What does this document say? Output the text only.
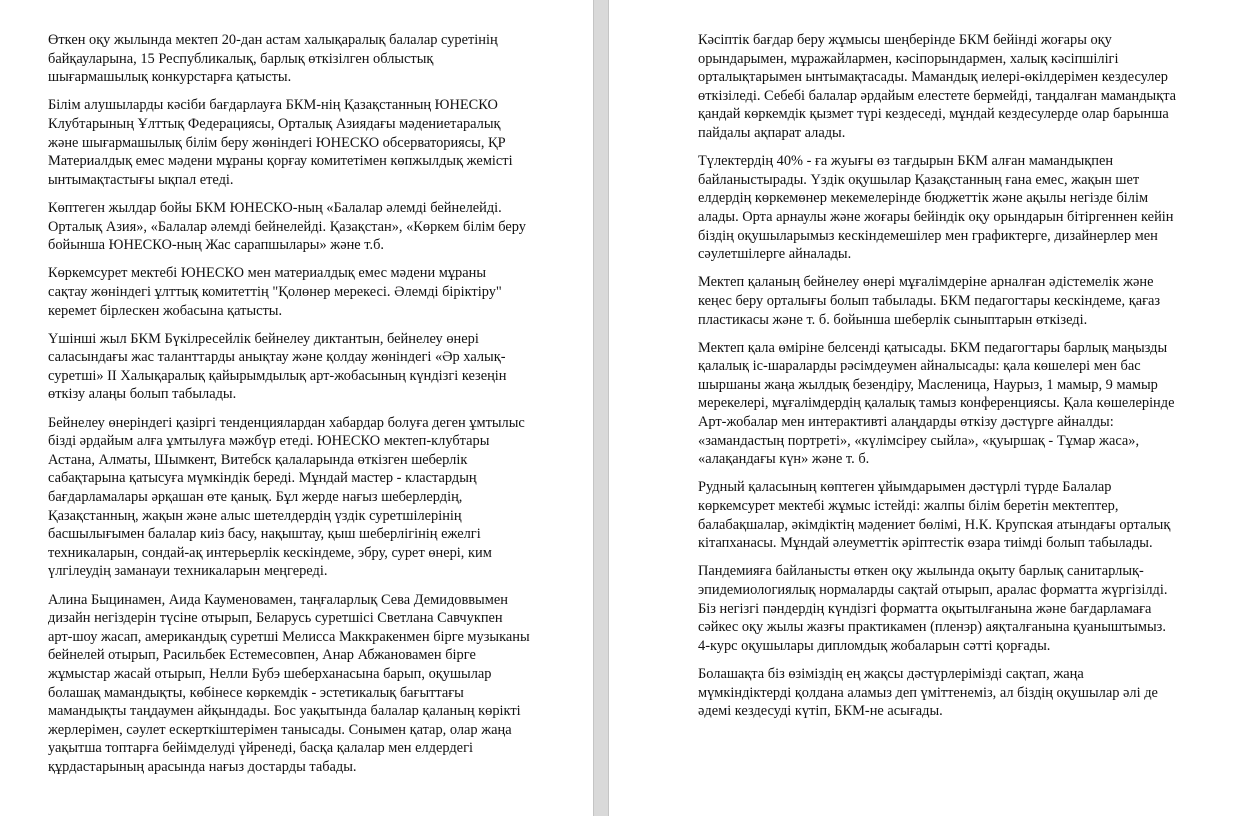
Өткен оқу жылында мектеп 20-дан астам халықаралық балалар суретінің
байқауларына, 15 Республикалық, барлық өткізілген облыстық
шығармашылық конкурстарға қатысты.

Білім алушыларды кәсіби бағдарлауға БКМ-нің Қазақстанның ЮНЕСКО
Клубтарының Ұлттық Федерациясы, Орталық Азиядағы мәдениетаралық
және шығармашылық білім беру жөніндегі ЮНЕСКО обсерваториясы, ҚР
Материалдық емес мәдени мұраны қорғау комитетімен көпжылдық жемісті
ынтымақтастығы ықпал етеді.

Көптеген жылдар бойы БКМ ЮНЕСКО-ның «Балалар әлемді бейнелейді.
Орталық Азия», «Балалар әлемді бейнелейді. Қазақстан», «Көркем білім беру
бойынша ЮНЕСКО-ның Жас сарапшылары» және т.б.

Көркемсурет мектебі ЮНЕСКО мен материалдық емес мәдени мұраны
сақтау жөніндегі ұлттық комитеттің "Қолөнер мерекесі. Әлемді біріктіру"
керемет бірлескен жобасына қатысты.

Үшінші жыл БКМ Бүкілресейлік бейнелеу диктантын, бейнелеу өнері
саласындағы жас таланттарды анықтау және қолдау жөніндегі «Әр халық-
суретші» II Халықаралық қайырымдылық арт-жобасының күндізгі кезеңін
өткізу алаңы болып табылады.

Бейнелеу өнеріндегі қазіргі тенденциялардан хабардар болуға деген ұмтылыс
бізді әрдайым алға ұмтылуға мәжбүр етеді. ЮНЕСКО мектеп-клубтары
Астана, Алматы, Шымкент, Витебск қалаларында өткізген шеберлік
сабақтарына қатысуға мүмкіндік береді. Мұндай мастер - кластардың
бағдарламалары әрқашан өте қанық. Бұл жерде нағыз шеберлердің,
Қазақстанның, жақын және алыс шетелдердің үздік суретшілерінің
басшылығымен балалар киіз басу, нақыштау, қыш шеберлігінің ежелгі
техникаларын, сондай-ақ интерьерлік кескіндеме, эбру, сурет өнері, ким
үлгілеудің заманауи техникаларын меңгереді.

Алина Быцинамен, Аида Кауменовамен, таңғаларлық Сева Демидоввымен
дизайн негіздерін түсіне отырып, Беларусь суретшісі Светлана Савчукпен
арт-шоу жасап, американдық суретші Мелисса Маккракенмен бірге музыканы
бейнелей отырып, Расильбек Естемесовпен, Анар Абжановамен бірге
жұмыстар жасай отырып, Нелли Бубэ шеберханасына барып, оқушылар
болашақ мамандықты, көбінесе көркемдік - эстетикалық бағыттағы
мамандықты таңдаумен айқындады. Бос уақытында балалар қаланың көрікті
жерлерімен, сәулет ескерткіштерімен танысады. Сонымен қатар, олар жаңа
уақытша топтарға бейімделуді үйренеді, басқа қалалар мен елдердегі
құрдастарының арасында нағыз достарды табады.

Кәсіптік бағдар беру жұмысы шеңберінде БКМ бейінді жоғары оқу
орындарымен, мұражайлармен, кәсіпорындармен, халық кәсіпшілігі
орталықтарымен ынтымақтасады. Мамандық иелері-өкілдерімен кездесулер
өткізіледі. Себебі балалар әрдайым елестете бермейді, таңдалған мамандықта
қандай көркемдік қызмет түрі кездеседі, мұндай кездесулерде олар барынша
пайдалы ақпарат алады.

Түлектердің 40% - ға жуығы өз тағдырын БКМ алған мамандықпен
байланыстырады. Үздік оқушылар Қазақстанның ғана емес, жақын шет
елдердің көркемөнер мекемелерінде бюджеттік және ақылы негізде білім
алады. Орта арнаулы және жоғары бейіндік оқу орындарын бітіргеннен кейін
біздің оқушыларымыз кескіндемешілер мен графиктерге, дизайнерлер мен
сәулетшілерге айналады.

Мектеп қаланың бейнелеу өнері мұғалімдеріне арналған әдістемелік және
кеңес беру орталығы болып табылады. БКМ педагогтары кескіндеме, қағаз
пластикасы және т. б. бойынша шеберлік сыныптарын өткізеді.

Мектеп қала өміріне белсенді қатысады. БКМ педагогтары барлық маңызды
қалалық іс-шараларды рәсімдеумен айналысады: қала көшелері мен бас
шыршаны жаңа жылдық безендіру, Масленица, Наурыз, 1 мамыр, 9 мамыр
мерекелері, мұғалімдердің қалалық тамыз конференциясы. Қала көшелерінде
Арт-жобалар мен интерактивті алаңдарды өткізу дәстүрге айналды:
«замандастың портреті», «күлімсіреу сыйла», «қуыршақ - Тұмар жаса»,
«алақандағы күн» және т. б.

Рудный қаласының көптеген ұйымдарымен дәстүрлі түрде Балалар
көркемсурет мектебі жұмыс істейді: жалпы білім беретін мектептер,
балабақшалар, әкімдіктің мәдениет бөлімі, Н.К. Крупская атындағы орталық
кітапханасы. Мұндай әлеуметтік әріптестік өзара тиімді болып табылады.

Пандемияға байланысты өткен оқу жылында оқыту барлық санитарлық-
эпидемиологиялық нормаларды сақтай отырып, аралас форматта жүргізілді.
Біз негізгі пәндердің күндізгі форматта оқытылғанына және бағдарламаға
сәйкес оқу жылы жазғы практикамен (пленэр) аяқталғанына қуаныштымыз.
4-курс оқушылары дипломдық жобаларын сәтті қорғады.

Болашақта біз өзіміздің ең жақсы дәстүрлерімізді сақтап, жаңа
мүмкіндіктерді қолдана аламыз деп үміттенеміз, ал біздің оқушылар әлі де
әдемі кездесуді күтіп, БКМ-не асығады.
